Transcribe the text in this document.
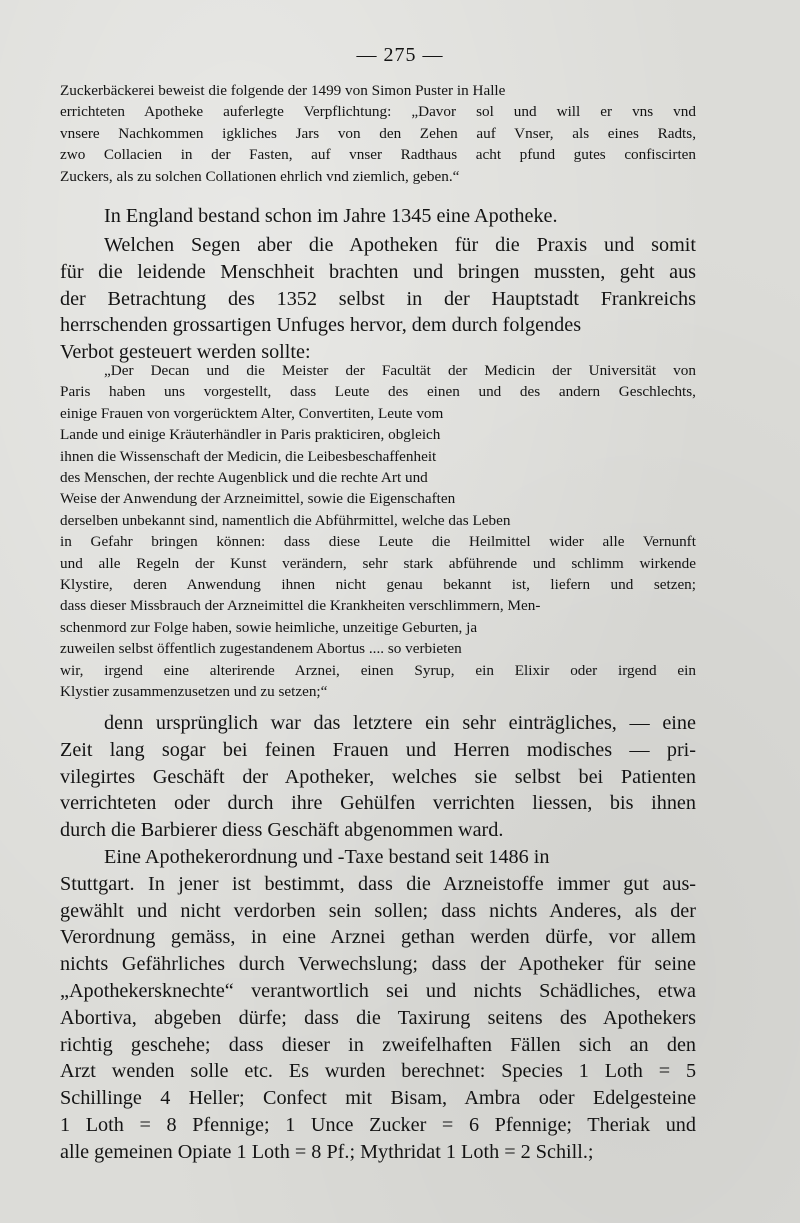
— 275 —
Zuckerbäckerei beweist die folgende der 1499 von Simon Puster in Halle
errichteten Apotheke auferlegte Verpflichtung: „Davor sol und will er vns vnd
vnsere Nachkommen igkliches Jars von den Zehen auf Vnser, als eines Radts,
zwo Collacien in der Fasten, auf vnser Radthaus acht pfund gutes confiscirten
Zuckers, als zu solchen Collationen ehrlich vnd ziemlich, geben.“
In England bestand schon im Jahre 1345 eine Apotheke.
Welchen Segen aber die Apotheken für die Praxis und somit
für die leidende Menschheit brachten und bringen mussten, geht aus
der Betrachtung des 1352 selbst in der Hauptstadt Frankreichs
herrschenden grossartigen Unfuges hervor, dem durch folgendes
Verbot gesteuert werden sollte:
„Der Decan und die Meister der Facultät der Medicin der Universität von
Paris haben uns vorgestellt, dass Leute des einen und des andern Geschlechts,
einige Frauen von vorgerücktem Alter, Convertiten, Leute vom
Lande und einige Kräuterhändler in Paris prakticiren, obgleich
ihnen die Wissenschaft der Medicin, die Leibesbeschaffenheit
des Menschen, der rechte Augenblick und die rechte Art und
Weise der Anwendung der Arzneimittel, sowie die Eigenschaften
derselben unbekannt sind, namentlich die Abführmittel, welche das Leben
in Gefahr bringen können: dass diese Leute die Heilmittel wider alle Vernunft
und alle Regeln der Kunst verändern, sehr stark abführende und schlimm wirkende
Klystire, deren Anwendung ihnen nicht genau bekannt ist, liefern und setzen;
dass dieser Missbrauch der Arzneimittel die Krankheiten verschlimmern, Men-
schenmord zur Folge haben, sowie heimliche, unzeitige Geburten, ja
zuweilen selbst öffentlich zugestandenem Abortus .... so verbieten
wir, irgend eine alterirende Arznei, einen Syrup, ein Elixir oder irgend ein
Klystier zusammenzusetzen und zu setzen;“
denn ursprünglich war das letztere ein sehr einträgliches, — eine
Zeit lang sogar bei feinen Frauen und Herren modisches — pri-
vilegirtes Geschäft der Apotheker, welches sie selbst bei Patienten
verrichteten oder durch ihre Gehülfen verrichten liessen, bis ihnen
durch die Barbierer diess Geschäft abgenommen ward.
Eine Apothekerordnung und -Taxe bestand seit 1486 in
Stuttgart. In jener ist bestimmt, dass die Arzneistoffe immer gut aus-
gewählt und nicht verdorben sein sollen; dass nichts Anderes, als der
Verordnung gemäss, in eine Arznei gethan werden dürfe, vor allem
nichts Gefährliches durch Verwechslung; dass der Apotheker für seine
„Apothekersknechte“ verantwortlich sei und nichts Schädliches, etwa
Abortiva, abgeben dürfe; dass die Taxirung seitens des Apothekers
richtig geschehe; dass dieser in zweifelhaften Fällen sich an den
Arzt wenden solle etc. Es wurden berechnet: Species 1 Loth = 5
Schillinge 4 Heller; Confect mit Bisam, Ambra oder Edelgesteine
1 Loth = 8 Pfennige; 1 Unce Zucker = 6 Pfennige; Theriak und
alle gemeinen Opiate 1 Loth = 8 Pf.; Mythridat 1 Loth = 2 Schill.;
